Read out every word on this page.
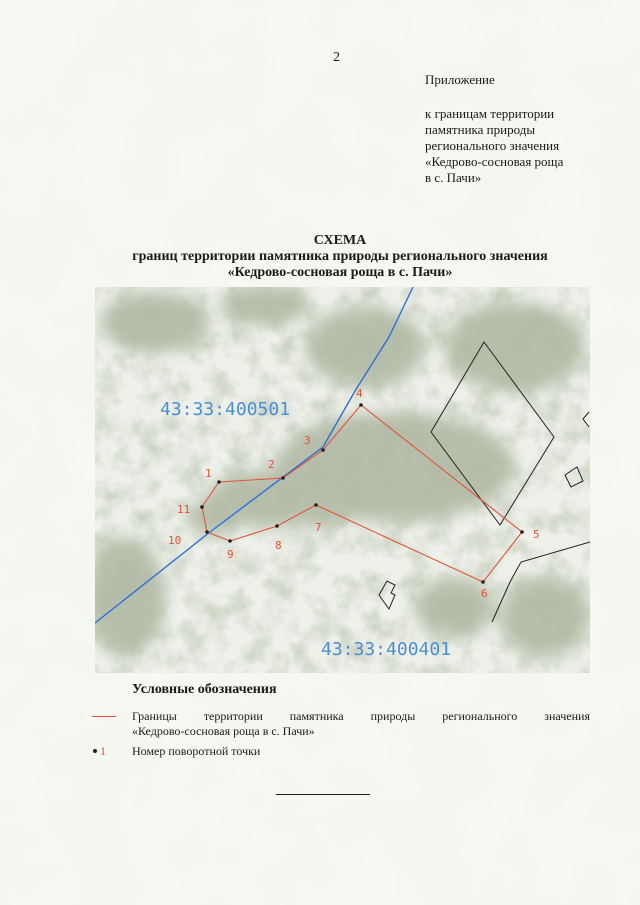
2
Приложение
к границам территории
памятника природы
регионального значения
«Кедрово-сосновая роща
в с. Пачи»
СХЕМА
границ территории памятника природы регионального значения
«Кедрово-сосновая роща в с. Пачи»
1
2
3
4
5
6
7
8
9
10
11
43:33:400501
43:33:400401
Условные обозначения
Границы территории памятника природы регионального значения
«Кедрово-сосновая роща в с. Пачи»
1 Номер поворотной точки
